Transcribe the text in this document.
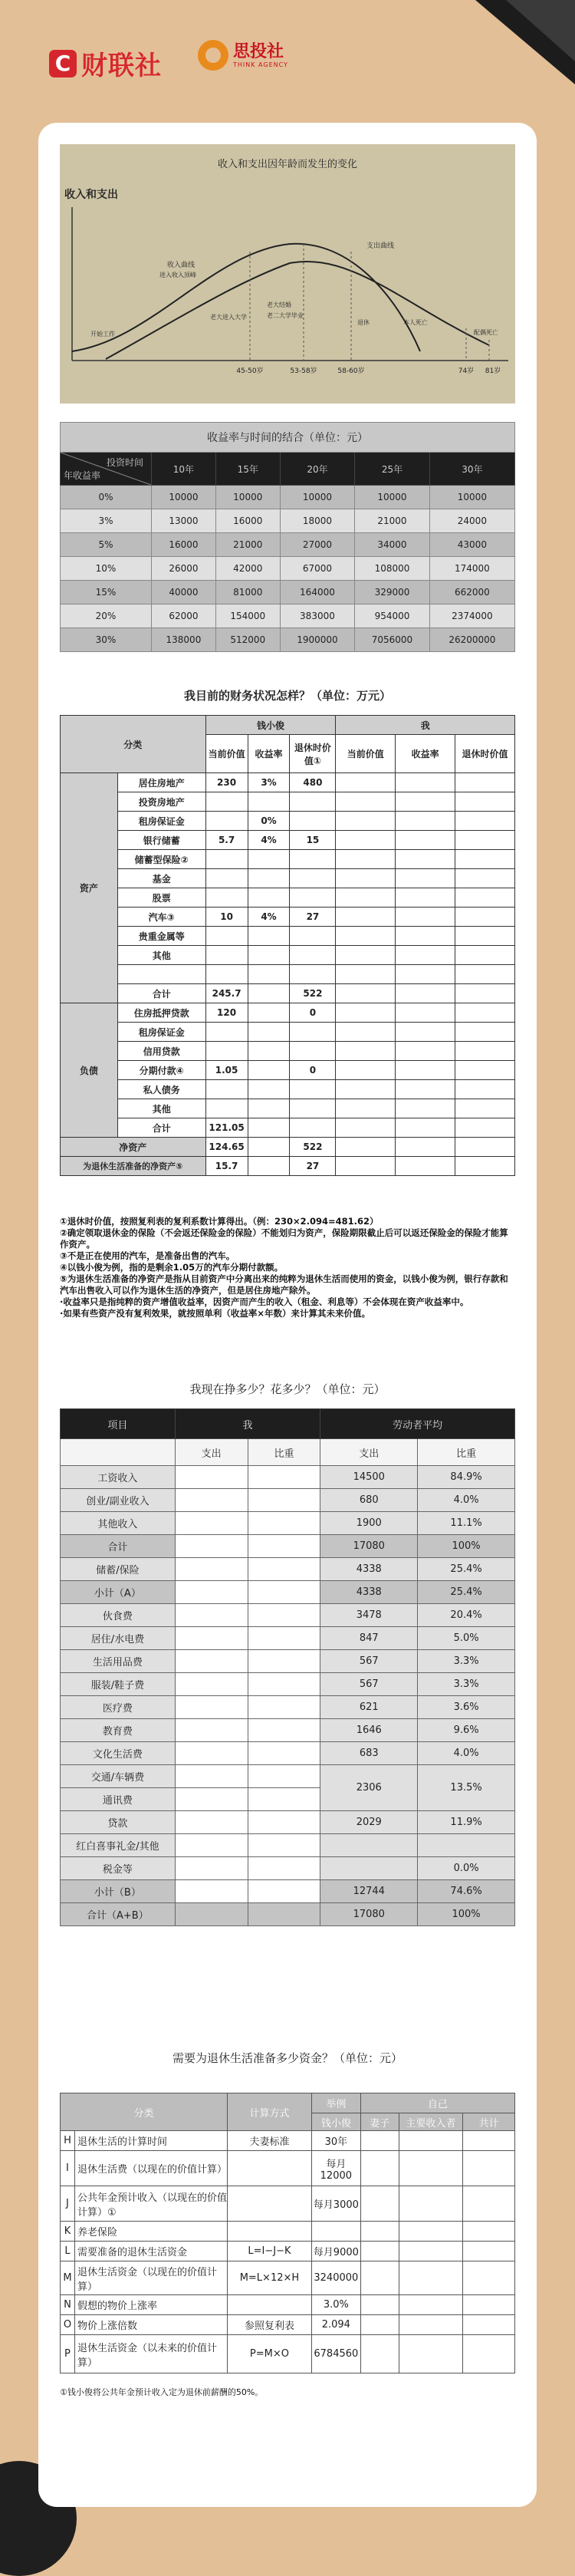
C 财联社	思投社
THINK AGENCY
收入和支出因年龄而发生的变化
收入和支出
收入曲线
支出曲线
开始工作
进入收入顶峰
老大进入大学
老大结婚
老二大学毕业
退休	本人死亡
配偶死亡
45-50岁	53-58岁	58-60岁	74岁 81岁
收益率与时间的结合（单位：元）					

投资时间
年收益率	10年	15年	20年	25年	30年
0%	10000	10000	10000	10000	10000
3%	13000	16000	18000	21000	24000
5%	16000	21000	27000	34000	43000
10%	26000	42000	67000	108000	174000
15%	40000	81000	164000	329000	662000
20%	62000	154000	383000	954000	2374000
30%	138000	512000	1900000	7056000	26200000
我目前的财务状况怎样？（单位：万元）
分类		钱小俊			我		
		当前价值	收益率	退休时价值①	当前价值	收益率	退休时价值
资产	居住房地产	230	3%	480			
	投资房地产						
	租房保证金		0%				
	银行储蓄	5.7	4%	15			
	储蓄型保险②						
	基金						
	股票						
	汽车③	10	4%	27			
	贵重金属等						
	其他						

	合计	245.7		522			
负债	住房抵押贷款	120		0			
	租房保证金						
	信用贷款						
	分期付款④	1.05		0			
	私人债务						
	其他						
	合计	121.05					
净资产		124.65		522			
为退休生活准备的净资产⑤		15.7		27			
①退休时价值，按照复利表的复利系数计算得出。（例：230×2.094=481.62）
②确定领取退休金的保险（不会返还保险金的保险）不能划归为资产，保险期限截止后可以返还保险金的保险才能算作资产。
③不是正在使用的汽车，是准备出售的汽车。
④以钱小俊为例，指的是剩余1.05万的汽车分期付款额。
⑤为退休生活准备的净资产是指从目前资产中分离出来的纯粹为退休生活而使用的资金，以钱小俊为例，银行存款和汽车出售收入可以作为退休生活的净资产，但是居住房地产除外。
·收益率只是指纯粹的资产增值收益率，因资产而产生的收入（租金、利息等）不会体现在资产收益率中。
·如果有些资产没有复利效果，就按照单利（收益率×年数）来计算其未来价值。
我现在挣多少？花多少？（单位：元）
项目	我		劳动者平均	
	支出	比重	支出	比重
工资收入			14500	84.9%
创业/副业收入			680	4.0%
其他收入			1900	11.1%
合计			17080	100%
储蓄/保险			4338	25.4%
小计（A）			4338	25.4%
伙食费			3478	20.4%
居住/水电费			847	5.0%
生活用品费			567	3.3%
服装/鞋子费			567	3.3%
医疗费			621	3.6%
教育费			1646	9.6%
文化生活费			683	4.0%
交通/车辆费			2306	13.5%
通讯费				
贷款			2029	11.9%
红白喜事礼金/其他				
税金等				0.0%
小计（B）			12744	74.6%
合计（A+B）			17080	100%
需要为退休生活准备多少资金？（单位：元）
分类		计算方式	举例	自己		
			钱小俊	妻子	主要收入者	共计
H	退休生活的计算时间	夫妻标准	30年			
I	退休生活费（以现在的价值计算）		每月12000			
J	公共年金预计收入（以现在的价值计算）①		每月3000			
K	养老保险					
L	需要准备的退休生活资金	L=I−J−K	每月9000			
M	退休生活资金（以现在的价值计算）	M=L×12×H	3240000			
N	假想的物价上涨率		3.0%			
O	物价上涨倍数	参照复利表	2.094			
P	退休生活资金（以未来的价值计算）	P=M×O	6784560			
①钱小俊将公共年金预计收入定为退休前薪酬的50%。
